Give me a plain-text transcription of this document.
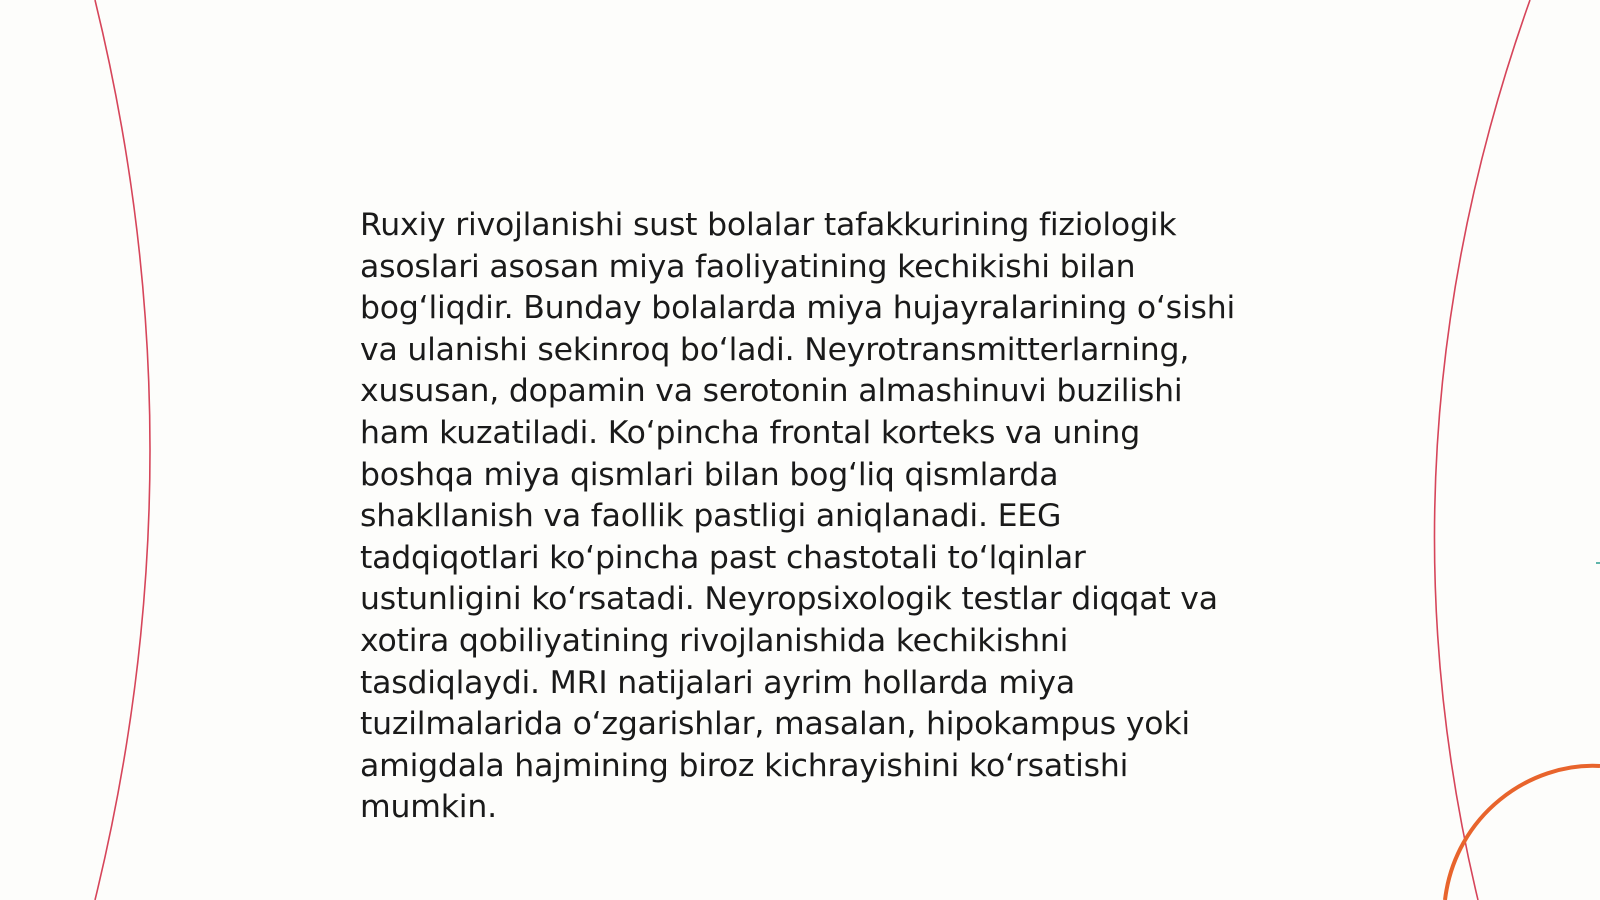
Ruxiy rivojlanishi sust bolalar tafakkurining fiziologik asoslari asosan miya faoliyatining kechikishi bilan bog‘liqdir. Bunday bolalarda miya hujayralarining o‘sishi va ulanishi sekinroq bo‘ladi. Neyrotransmitterlarning, xususan, dopamin va serotonin almashinuvi buzilishi ham kuzatiladi. Ko‘pincha frontal korteks va uning boshqa miya qismlari bilan bog‘liq qismlarda shakllanish va faollik pastligi aniqlanadi. EEG tadqiqotlari ko‘pincha past chastotali to‘lqinlar ustunligini ko‘rsatadi. Neyropsixologik testlar diqqat va xotira qobiliyatining rivojlanishida kechikishni tasdiqlaydi. MRI natijalari ayrim hollarda miya tuzilmalarida o‘zgarishlar, masalan, hipokampus yoki amigdala hajmining biroz kichrayishini ko‘rsatishi mumkin.
